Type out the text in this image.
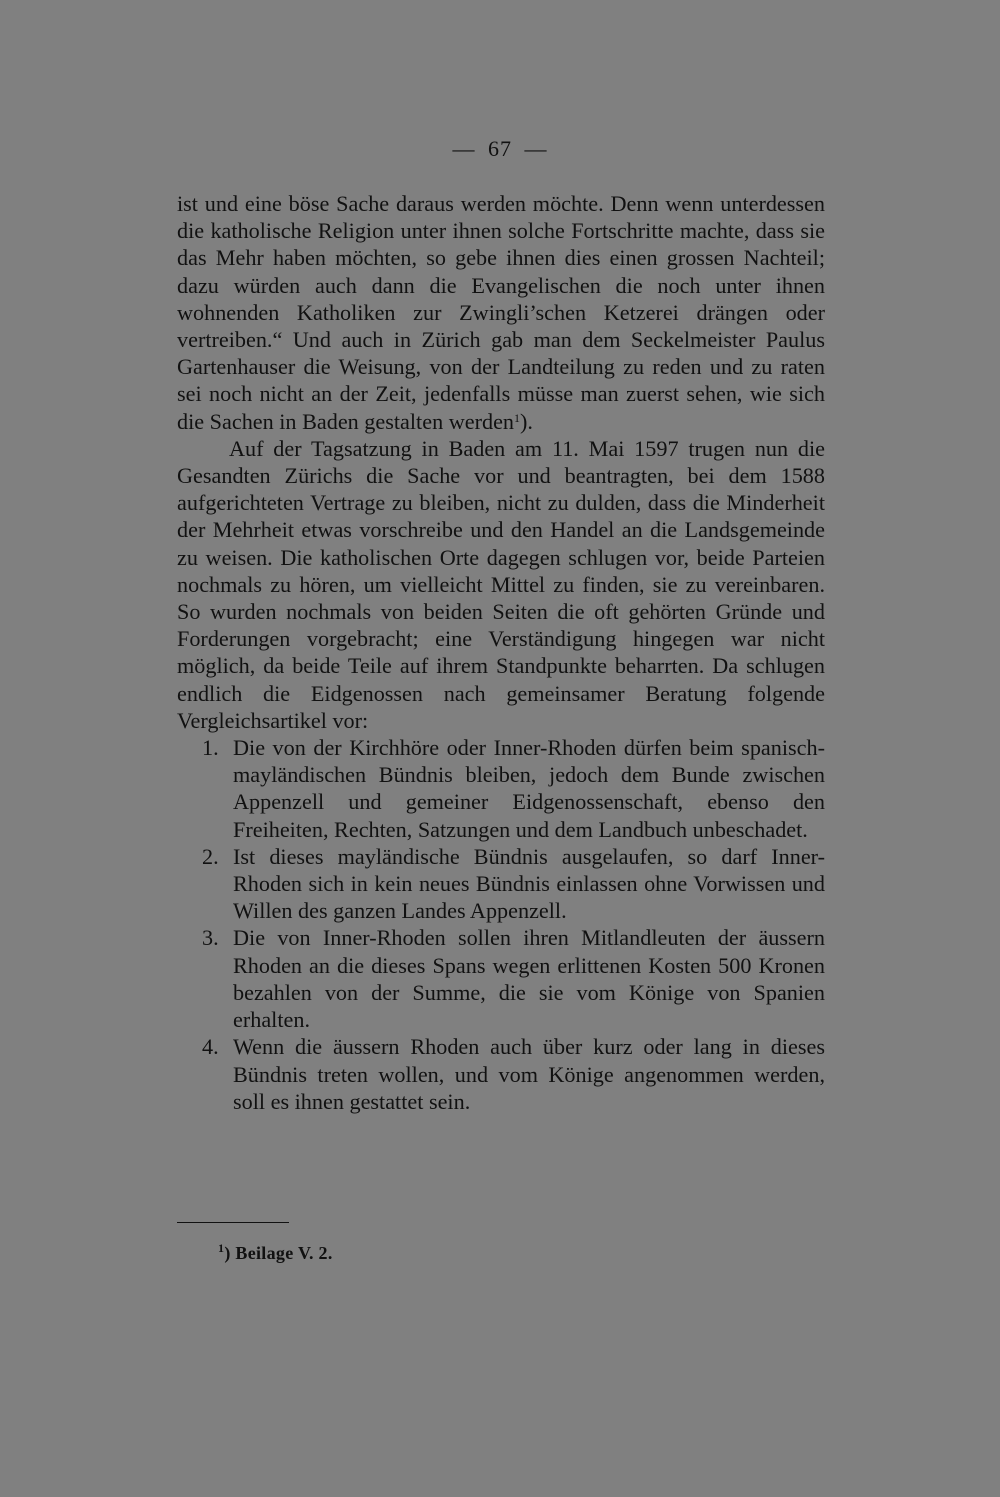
— 67 —

ist und eine böse Sache daraus werden möchte. Denn wenn unterdessen die katholische Religion unter ihnen solche Fortschritte machte, dass sie das Mehr haben möchten, so gebe ihnen dies einen grossen Nachteil; dazu würden auch dann die Evangelischen die noch unter ihnen wohnenden Katholiken zur Zwingli’schen Ketzerei drängen oder vertreiben.“ Und auch in Zürich gab man dem Seckelmeister Paulus Gartenhauser die Weisung, von der Landteilung zu reden und zu raten sei noch nicht an der Zeit, jedenfalls müsse man zuerst sehen, wie sich die Sachen in Baden gestalten werden$^1$).

Auf der Tagsatzung in Baden am 11. Mai 1597 trugen nun die Gesandten Zürichs die Sache vor und beantragten, bei dem 1588 aufgerichteten Vertrage zu bleiben, nicht zu dulden, dass die Minderheit der Mehrheit etwas vorschreibe und den Handel an die Landsgemeinde zu weisen. Die katholischen Orte dagegen schlugen vor, beide Parteien nochmals zu hören, um vielleicht Mittel zu finden, sie zu vereinbaren. So wurden nochmals von beiden Seiten die oft gehörten Gründe und Forderungen vorgebracht; eine Verständigung hingegen war nicht möglich, da beide Teile auf ihrem Standpunkte beharrten. Da schlugen endlich die Eidgenossen nach gemeinsamer Beratung folgende Vergleichsartikel vor:

1. Die von der Kirchhöre oder Inner-Rhoden dürfen beim spanisch-mayländischen Bündnis bleiben, jedoch dem Bunde zwischen Appenzell und gemeiner Eidgenossenschaft, ebenso den Freiheiten, Rechten, Satzungen und dem Landbuch unbeschadet.
2. Ist dieses mayländische Bündnis ausgelaufen, so darf Inner-Rhoden sich in kein neues Bündnis einlassen ohne Vorwissen und Willen des ganzen Landes Appenzell.
3. Die von Inner-Rhoden sollen ihren Mitlandleuten der äussern Rhoden an die dieses Spans wegen erlittenen Kosten 500 Kronen bezahlen von der Summe, die sie vom Könige von Spanien erhalten.
4. Wenn die äussern Rhoden auch über kurz oder lang in dieses Bündnis treten wollen, und vom Könige angenommen werden, soll es ihnen gestattet sein.
$^1$) Beilage V. 2.
